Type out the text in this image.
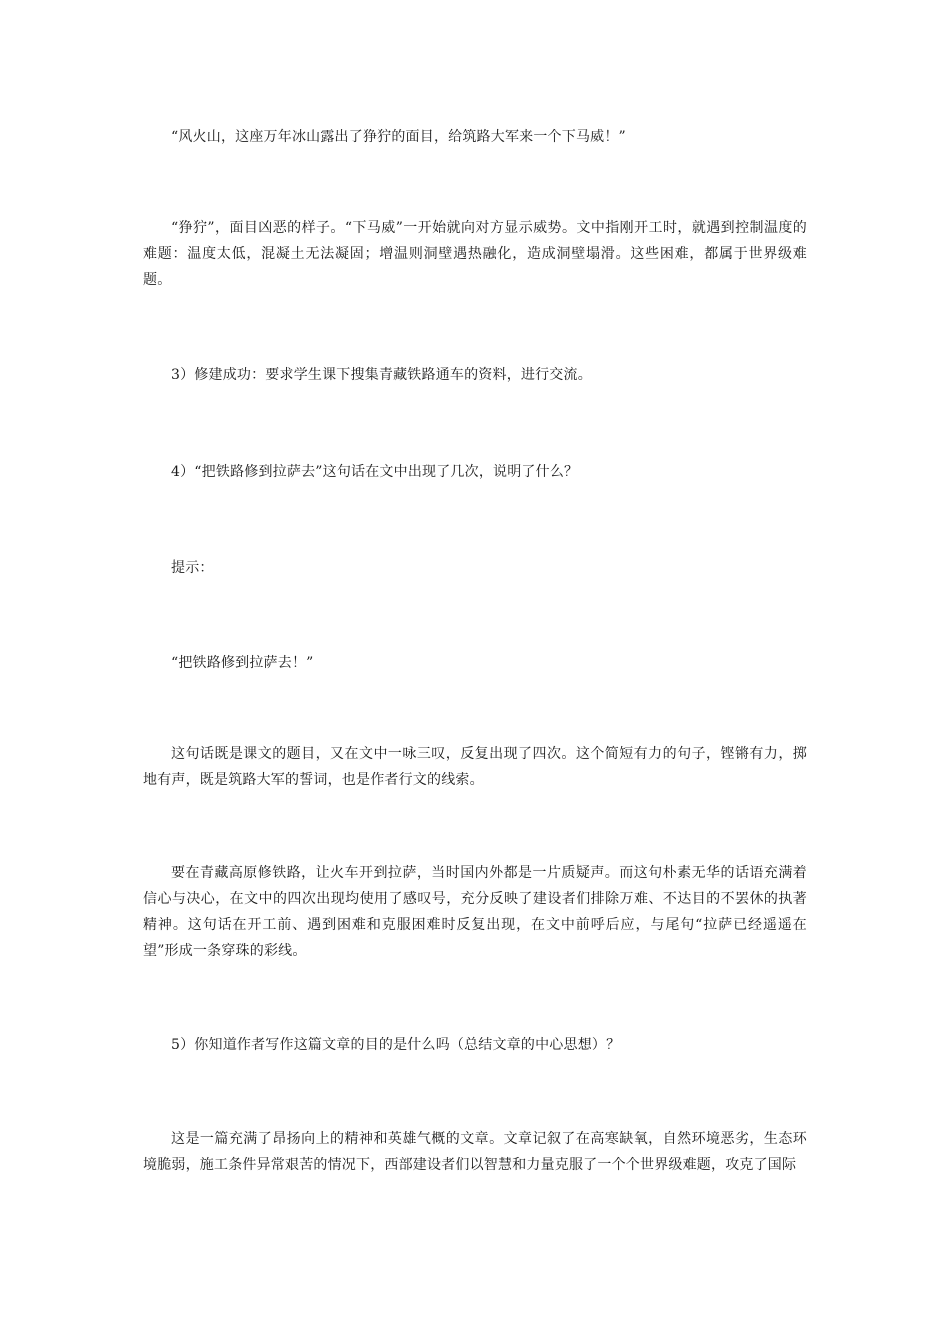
“风火山，这座万年冰山露出了狰狞的面目，给筑路大军来一个下马威！”

“狰狞”，面目凶恶的样子。“下马威”一开始就向对方显示威势。文中指刚开工时，就遇到控制温度的难题：温度太低，混凝土无法凝固；增温则洞壁遇热融化，造成洞壁塌滑。这些困难，都属于世界级难题。

3）修建成功：要求学生课下搜集青藏铁路通车的资料，进行交流。

4）“把铁路修到拉萨去”这句话在文中出现了几次，说明了什么？

提示：

“把铁路修到拉萨去！”

这句话既是课文的题目，又在文中一咏三叹，反复出现了四次。这个简短有力的句子，铿锵有力，掷地有声，既是筑路大军的誓词，也是作者行文的线索。

要在青藏高原修铁路，让火车开到拉萨，当时国内外都是一片质疑声。而这句朴素无华的话语充满着信心与决心，在文中的四次出现均使用了感叹号，充分反映了建设者们排除万难、不达目的不罢休的执著精神。这句话在开工前、遇到困难和克服困难时反复出现，在文中前呼后应，与尾句“拉萨已经遥遥在望”形成一条穿珠的彩线。

5）你知道作者写作这篇文章的目的是什么吗（总结文章的中心思想）？

这是一篇充满了昂扬向上的精神和英雄气概的文章。文章记叙了在高寒缺氧，自然环境恶劣，生态环境脆弱，施工条件异常艰苦的情况下，西部建设者们以智慧和力量克服了一个个世界级难题，攻克了国际
